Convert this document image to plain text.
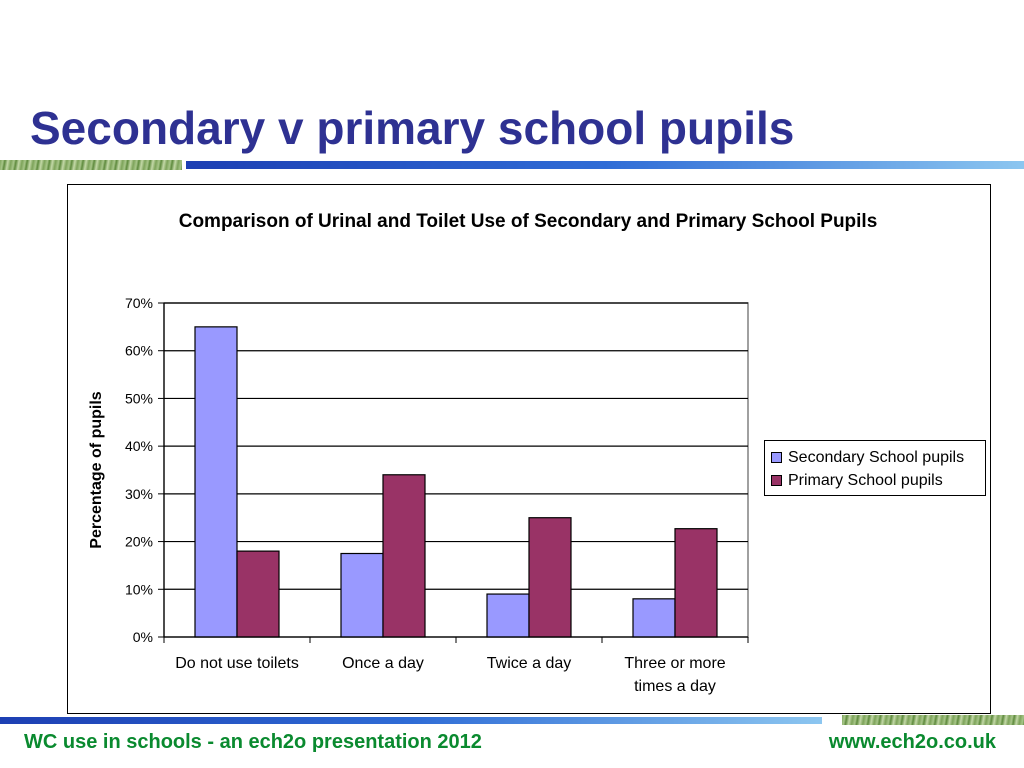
Secondary v primary school pupils
Comparison of Urinal and Toilet Use of Secondary and Primary School Pupils
0%
10%
20%
30%
40%
50%
60%
70%
Do not use toilets	Once a day	Twice a day	Three or more times a day
Percentage of pupils	Secondary School pupils
Primary School pupils
WC use in schools - an ech2o presentation 2012	www.ech2o.co.uk
